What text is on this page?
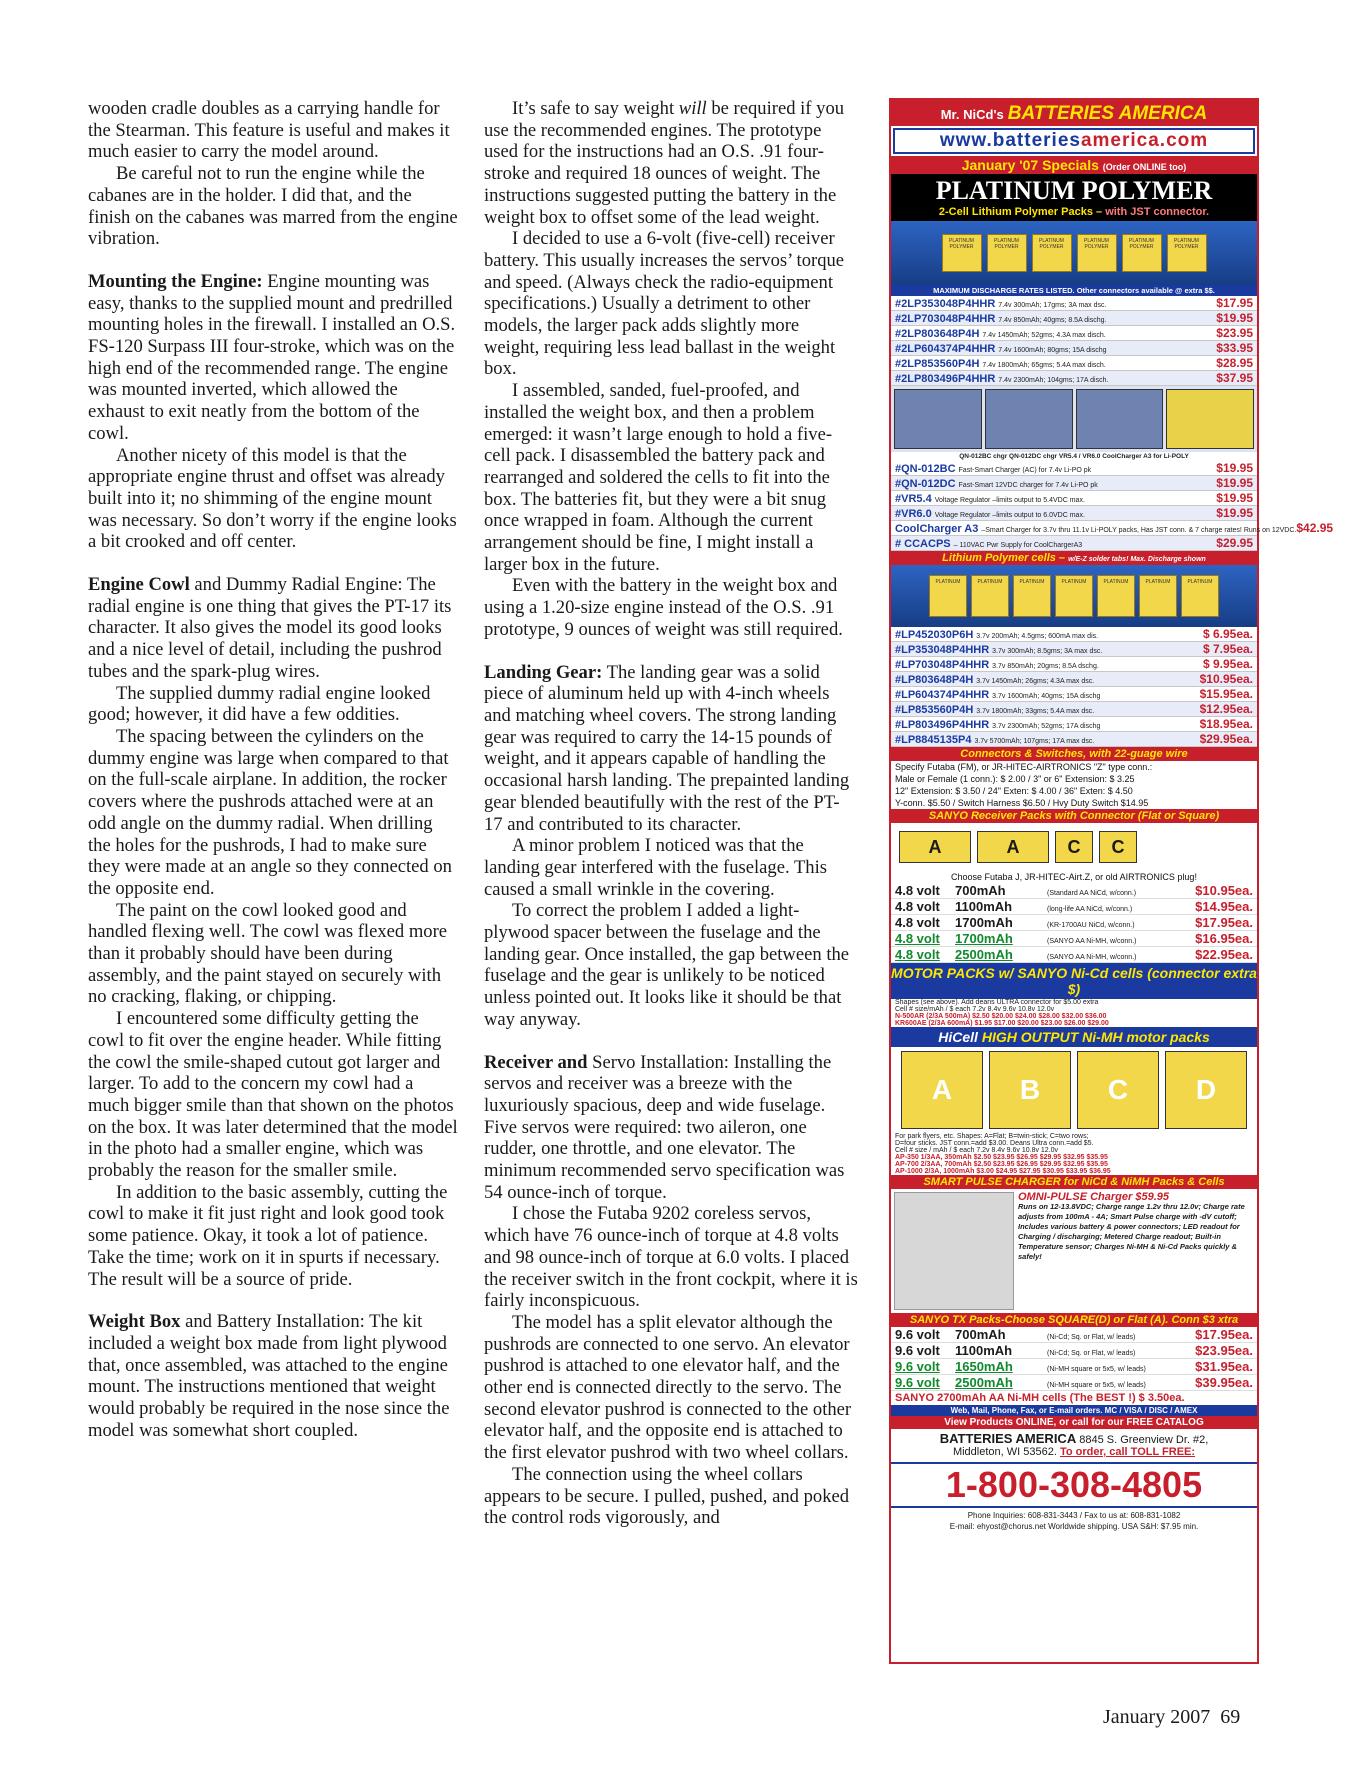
wooden cradle doubles as a carrying handle for the Stearman. This feature is useful and makes it much easier to carry the model around.

Be careful not to run the engine while the cabanes are in the holder. I did that, and the finish on the cabanes was marred from the engine vibration.

Mounting the Engine: Engine mounting was easy, thanks to the supplied mount and predrilled mounting holes in the firewall. I installed an O.S. FS-120 Surpass III four-stroke, which was on the high end of the recommended range. The engine was mounted inverted, which allowed the exhaust to exit neatly from the bottom of the cowl.

Another nicety of this model is that the appropriate engine thrust and offset was already built into it; no shimming of the engine mount was necessary. So don’t worry if the engine looks a bit crooked and off center.

Engine Cowl and Dummy Radial Engine: The radial engine is one thing that gives the PT-17 its character. It also gives the model its good looks and a nice level of detail, including the pushrod tubes and the spark-plug wires.

The supplied dummy radial engine looked good; however, it did have a few oddities.

The spacing between the cylinders on the dummy engine was large when compared to that on the full-scale airplane. In addition, the rocker covers where the pushrods attached were at an odd angle on the dummy radial. When drilling the holes for the pushrods, I had to make sure they were made at an angle so they connected on the opposite end.

The paint on the cowl looked good and handled flexing well. The cowl was flexed more than it probably should have been during assembly, and the paint stayed on securely with no cracking, flaking, or chipping.

I encountered some difficulty getting the cowl to fit over the engine header. While fitting the cowl the smile-shaped cutout got larger and larger. To add to the concern my cowl had a much bigger smile than that shown on the photos on the box. It was later determined that the model in the photo had a smaller engine, which was probably the reason for the smaller smile.

In addition to the basic assembly, cutting the cowl to make it fit just right and look good took some patience. Okay, it took a lot of patience. Take the time; work on it in spurts if necessary. The result will be a source of pride.

Weight Box and Battery Installation: The kit included a weight box made from light plywood that, once assembled, was attached to the engine mount. The instructions mentioned that weight would probably be required in the nose since the model was somewhat short coupled.

It’s safe to say weight will be required if you use the recommended engines. The prototype used for the instructions had an O.S. .91 four-stroke and required 18 ounces of weight. The instructions suggested putting the battery in the weight box to offset some of the lead weight.

I decided to use a 6-volt (five-cell) receiver battery. This usually increases the servos’ torque and speed. (Always check the radio-equipment specifications.) Usually a detriment to other models, the larger pack adds slightly more weight, requiring less lead ballast in the weight box.

I assembled, sanded, fuel-proofed, and installed the weight box, and then a problem emerged: it wasn’t large enough to hold a five-cell pack. I disassembled the battery pack and rearranged and soldered the cells to fit into the box. The batteries fit, but they were a bit snug once wrapped in foam. Although the current arrangement should be fine, I might install a larger box in the future.

Even with the battery in the weight box and using a 1.20-size engine instead of the O.S. .91 prototype, 9 ounces of weight was still required.

Landing Gear: The landing gear was a solid piece of aluminum held up with 4-inch wheels and matching wheel covers. The strong landing gear was required to carry the 14-15 pounds of weight, and it appears capable of handling the occasional harsh landing. The prepainted landing gear blended beautifully with the rest of the PT-17 and contributed to its character.

A minor problem I noticed was that the landing gear interfered with the fuselage. This caused a small wrinkle in the covering.

To correct the problem I added a light-plywood spacer between the fuselage and the landing gear. Once installed, the gap between the fuselage and the gear is unlikely to be noticed unless pointed out. It looks like it should be that way anyway.

Receiver and Servo Installation: Installing the servos and receiver was a breeze with the luxuriously spacious, deep and wide fuselage. Five servos were required: two aileron, one rudder, one throttle, and one elevator. The minimum recommended servo specification was 54 ounce-inch of torque.

I chose the Futaba 9202 coreless servos, which have 76 ounce-inch of torque at 4.8 volts and 98 ounce-inch of torque at 6.0 volts. I placed the receiver switch in the front cockpit, where it is fairly inconspicuous.

The model has a split elevator although the pushrods are connected to one servo. An elevator pushrod is attached to one elevator half, and the other end is connected directly to the servo. The second elevator pushrod is connected to the other elevator half, and the opposite end is attached to the first elevator pushrod with two wheel collars.

The connection using the wheel collars appears to be secure. I pulled, pushed, and poked the control rods vigorously, and

Mr. NiCd's BATTERIES AMERICA
www.batteriesamerica.com
January '07 Specials (Order ONLINE too)
PLATINUM POLYMER
2-Cell Lithium Polymer Packs – with JST connector.
PLATINUM
POLYMER
PLATINUM
POLYMER
PLATINUM
POLYMER
PLATINUM
POLYMER
PLATINUM
POLYMER
PLATINUM
POLYMER
MAXIMUM DISCHARGE RATES LISTED. Other connectors available @ extra $$.
#2LP353048P4HHR 7.4v 300mAh; 17gms; 3A max dsc.	$17.95
#2LP703048P4HHR 7.4v 850mAh; 40gms; 8.5A dischg.	$19.95
#2LP803648P4H 7.4v 1450mAh; 52gms; 4.3A max disch.	$23.95
#2LP604374P4HHR 7.4v 1600mAh; 80gms; 15A dischg	$33.95
#2LP853560P4H 7.4v 1800mAh; 65gms; 5.4A max disch.	$28.95
#2LP803496P4HHR 7.4v 2300mAh; 104gms; 17A disch.	$37.95
QN-012BC chgr QN-012DC chgr VR5.4 / VR6.0 CoolCharger A3 for Li-POLY
#QN-012BC Fast-Smart Charger (AC) for 7.4v Li-PO pk	$19.95
#QN-012DC Fast-Smart 12VDC charger for 7.4v Li-PO pk	$19.95
#VR5.4 Voltage Regulator –limits output to 5.4VDC max.	$19.95
#VR6.0 Voltage Regulator –limits output to 6.0VDC max.	$19.95
CoolCharger A3 –Smart Charger for 3.7v thru 11.1v Li-POLY packs, Has JST conn. & 7 charge rates! Runs on 12VDC. $42.95
# CCACPS – 110VAC Pwr Supply for CoolChargerA3	$29.95
Lithium Polymer cells – w/E-Z solder tabs! Max. Discharge shown
PLATINUM	PLATINUM	PLATINUM	PLATINUM	PLATINUM	PLATINUM	PLATINUM
#LP452030P6H 3.7v 200mAh; 4.5gms; 600mA max dis.	$ 6.95ea.
#LP353048P4HHR 3.7v 300mAh; 8.5gms; 3A max dsc.	$ 7.95ea.
#LP703048P4HHR 3.7v 850mAh; 20gms; 8.5A dschg.	$ 9.95ea.
#LP803648P4H 3.7v 1450mAh; 26gms; 4.3A max dsc.	$10.95ea.
#LP604374P4HHR 3.7v 1600mAh; 40gms; 15A dischg	$15.95ea.
#LP853560P4H 3.7v 1800mAh; 33gms; 5.4A max dsc.	$12.95ea.
#LP803496P4HHR 3.7v 2300mAh; 52gms; 17A dischg	$18.95ea.
#LP8845135P4 3.7v 5700mAh; 107gms; 17A max dsc.	$29.95ea.
Connectors & Switches, with 22-guage wire
Specify Futaba (FM), or JR-HITEC-AIRTRONICS "Z" type conn.:
Male or Female (1 conn.): $ 2.00 / 3" or 6" Extension: $ 3.25
12" Extension: $ 3.50 / 24" Exten: $ 4.00 / 36" Exten: $ 4.50
Y-conn. $5.50 / Switch Harness $6.50 / Hvy Duty Switch $14.95
SANYO Receiver Packs with Connector (Flat or Square)
A	A	C	C
Choose Futaba J, JR-HITEC-Airt.Z, or old AIRTRONICS plug!
4.8 volt	700mAh	(Standard AA NiCd, w/conn.)	$10.95ea.
4.8 volt	1100mAh	(long-life AA NiCd, w/conn.)	$14.95ea.
4.8 volt	1700mAh	(KR-1700AU NiCd, w/conn.)	$17.95ea.
4.8 volt	1700mAh	(SANYO AA Ni-MH, w/conn.)	$16.95ea.
4.8 volt	2500mAh	(SANYO AA Ni-MH, w/conn.)	$22.95ea.
MOTOR PACKS w/ SANYO Ni-Cd cells (connector extra $)
Shapes (see above). Add deans ULTRA connector for $5.00 extra
Cell # size/mAh / $ each 7.2v 8.4v 9.6v 10.8v 12.0v
N-500AR (2/3A 500mA) $2.50 $20.00 $24.00 $28.00 $32.00 $36.00
KR600AE (2/3A 600mA) $1.95 $17.00 $20.00 $23.00 $26.00 $29.00
HiCell HIGH OUTPUT Ni-MH motor packs
A	B	C	D
For park flyers, etc. Shapes: A=Flat; B=twin-stick; C=two rows;
D=four sticks. JST conn.=add $3.00. Deans Ultra conn.=add $5.
Cell # size / mAh / $ each 7.2v 8.4v 9.6v 10.8v 12.0v
AP-350 1/3AA, 350mAh $2.50 $23.95 $26.95 $29.95 $32.95 $35.95
AP-700 2/3AA, 700mAh $2.50 $23.95 $26.95 $29.95 $32.95 $35.95
AP-1000 2/3A, 1000mAh $3.00 $24.95 $27.95 $30.95 $33.95 $36.95
SMART PULSE CHARGER for NiCd & NiMH Packs & Cells
OMNI-PULSE Charger $59.95
Runs on 12-13.8VDC; Charge range 1.2v thru 12.0v; Charge rate adjusts from 100mA - 4A; Smart Pulse charge with -dV cutoff; Includes various battery & power connectors; LED readout for Charging / discharging; Metered Charge readout; Built-in Temperature sensor; Charges Ni-MH & Ni-Cd Packs quickly & safely!
SANYO TX Packs-Choose SQUARE(D) or Flat (A). Conn $3 xtra
9.6 volt	700mAh	(Ni-Cd; Sq. or Flat, w/ leads)	$17.95ea.
9.6 volt	1100mAh	(Ni-Cd; Sq. or Flat, w/ leads)	$23.95ea.
9.6 volt	1650mAh	(Ni-MH square or 5x5, w/ leads)	$31.95ea.
9.6 volt	2500mAh	(Ni-MH square or 5x5, w/ leads)	$39.95ea.
SANYO 2700mAh AA Ni-MH cells (The BEST !) $ 3.50ea.
Web, Mail, Phone, Fax, or E-mail orders. MC / VISA / DISC / AMEX
View Products ONLINE, or call for our FREE CATALOG
BATTERIES AMERICA 8845 S. Greenview Dr. #2,
Middleton, WI 53562. To order, call TOLL FREE:
1-800-308-4805
Phone Inquiries: 608-831-3443 / Fax to us at: 608-831-1082
E-mail: ehyost@chorus.net Worldwide shipping. USA S&H: $7.95 min.
January 2007 69
